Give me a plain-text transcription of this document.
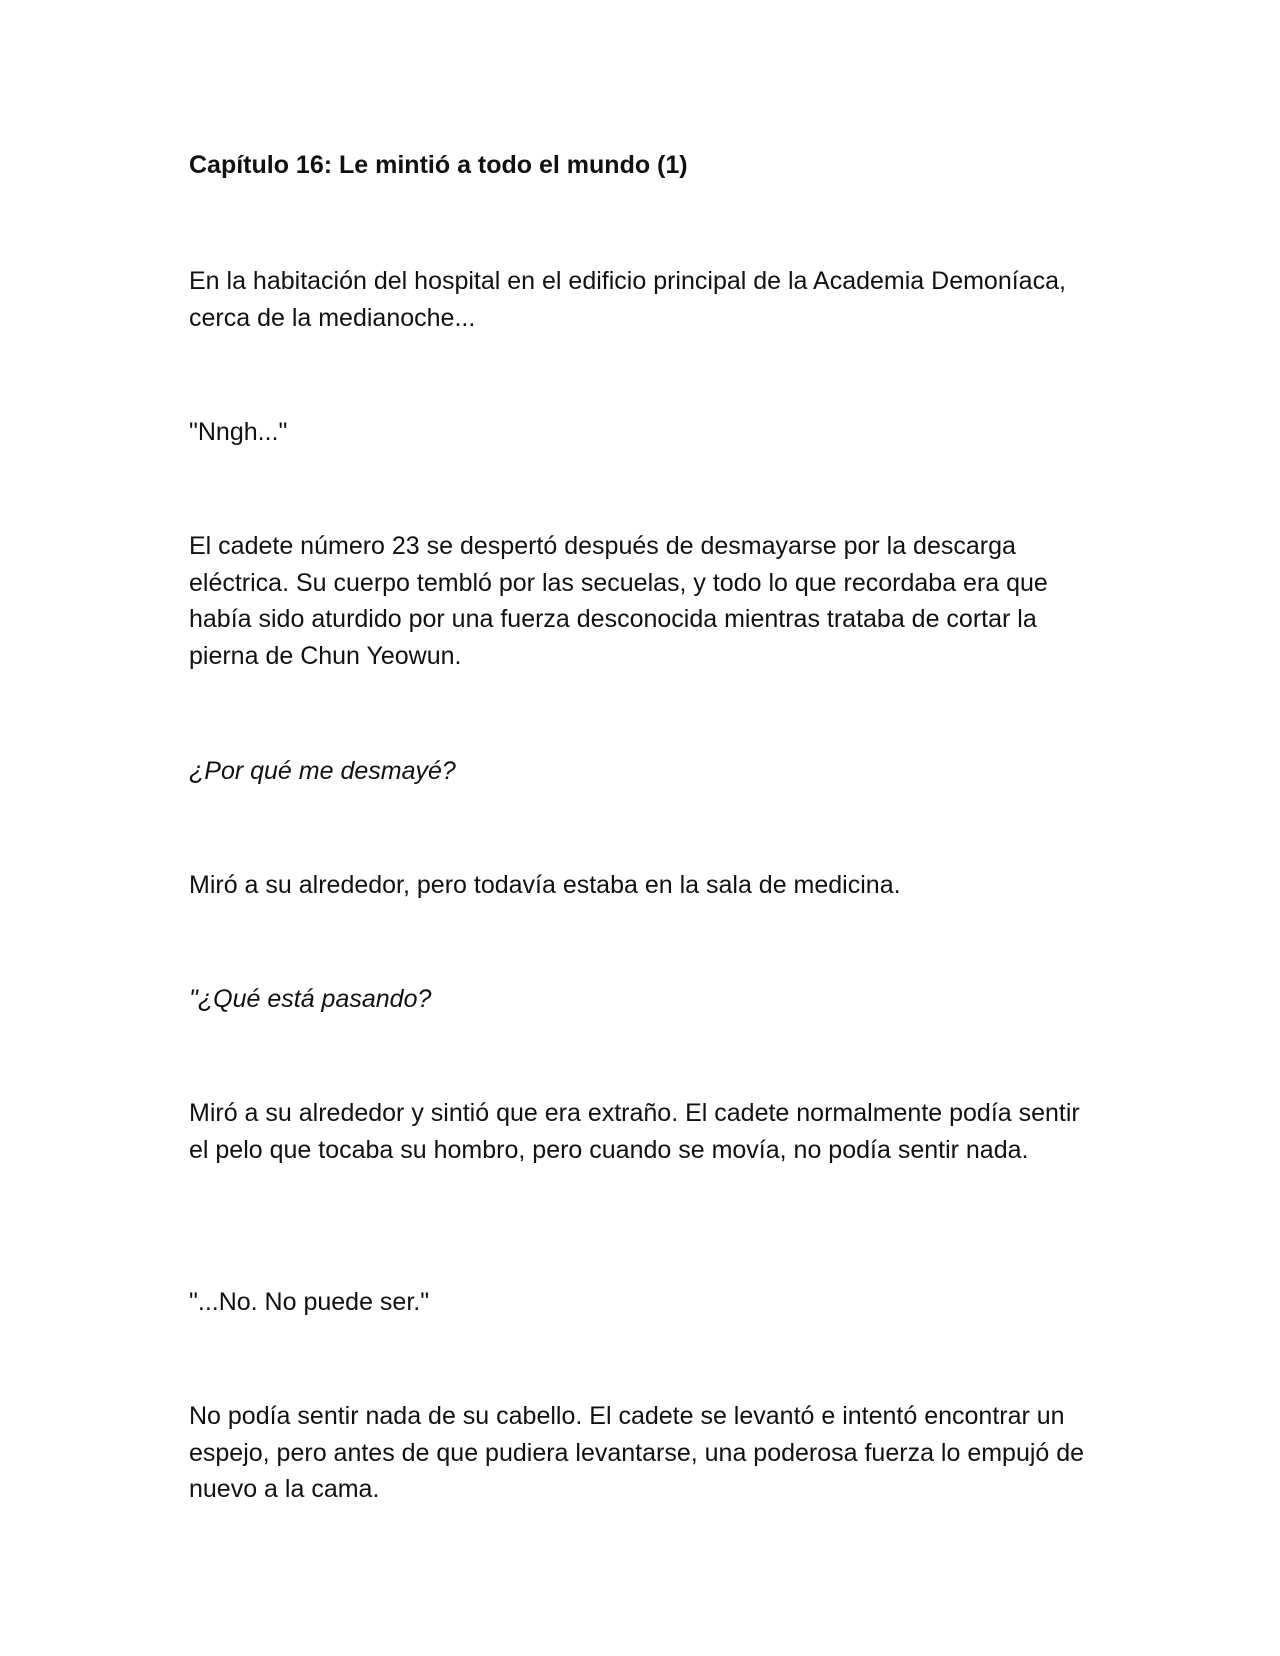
Capítulo 16: Le mintió a todo el mundo (1)

En la habitación del hospital en el edificio principal de la Academia Demoníaca, cerca de la medianoche...

"Nngh..."

El cadete número 23 se despertó después de desmayarse por la descarga eléctrica. Su cuerpo tembló por las secuelas, y todo lo que recordaba era que había sido aturdido por una fuerza desconocida mientras trataba de cortar la pierna de Chun Yeowun.

¿Por qué me desmayé?

Miró a su alrededor, pero todavía estaba en la sala de medicina.

"¿Qué está pasando?

Miró a su alrededor y sintió que era extraño. El cadete normalmente podía sentir el pelo que tocaba su hombro, pero cuando se movía, no podía sentir nada.

"...No. No puede ser."

No podía sentir nada de su cabello. El cadete se levantó e intentó encontrar un espejo, pero antes de que pudiera levantarse, una poderosa fuerza lo empujó de nuevo a la cama.
